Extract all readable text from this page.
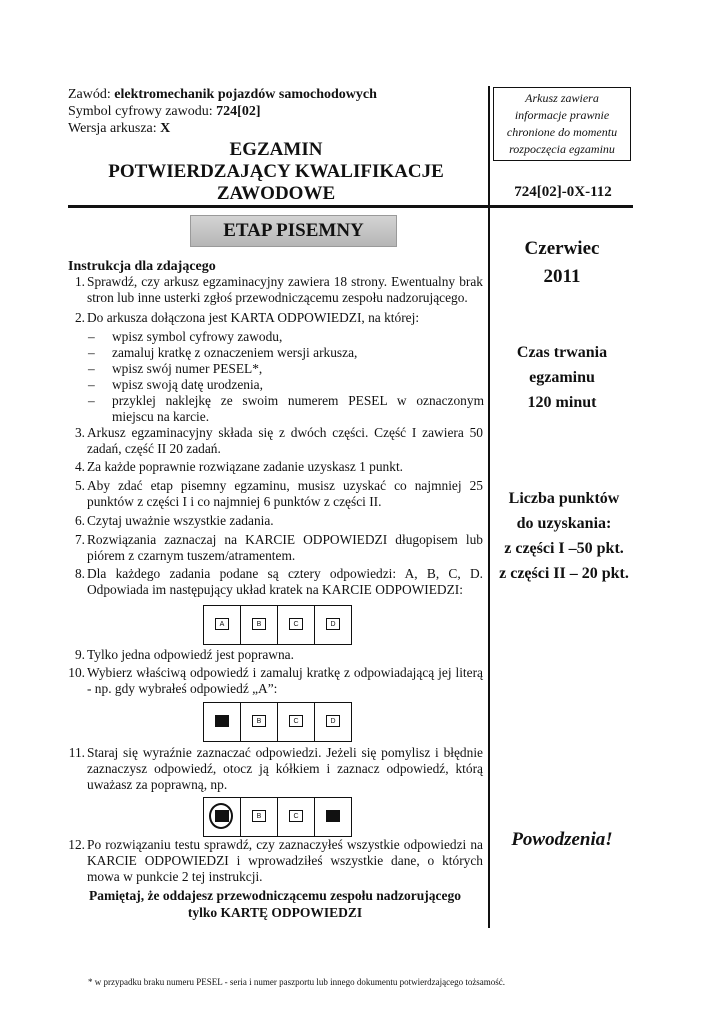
Zawód: elektromechanik pojazdów samochodowych
Symbol cyfrowy zawodu: 724[02]
Wersja arkusza: X
EGZAMIN
POTWIERDZAJĄCY KWALIFIKACJE
ZAWODOWE
Arkusz zawiera
informacje prawnie
chronione do momentu
rozpoczęcia egzaminu
724[02]-0X-112
ETAP PISEMNY
Czerwiec
2011
Czas trwania
egzaminu
120 minut
Liczba punktów
do uzyskania:
z części I –50 pkt.
z części II – 20 pkt.
Powodzenia!
Instrukcja dla zdającego
1. Sprawdź, czy arkusz egzaminacyjny zawiera 18 strony. Ewentualny brak stron lub inne usterki zgłoś przewodniczącemu zespołu nadzorującego.
2. Do arkusza dołączona jest KARTA ODPOWIEDZI, na której:
– wpisz symbol cyfrowy zawodu,
– zamaluj kratkę z oznaczeniem wersji arkusza,
– wpisz swój numer PESEL*,
– wpisz swoją datę urodzenia,
– przyklej naklejkę ze swoim numerem PESEL w oznaczonym miejscu na karcie.
3. Arkusz egzaminacyjny składa się z dwóch części. Część I zawiera 50 zadań, część II 20 zadań.
4. Za każde poprawnie rozwiązane zadanie uzyskasz 1 punkt.
5. Aby zdać etap pisemny egzaminu, musisz uzyskać co najmniej 25 punktów z części I i co najmniej 6 punktów z części II.
6. Czytaj uważnie wszystkie zadania.
7. Rozwiązania zaznaczaj na KARCIE ODPOWIEDZI długopisem lub piórem z czarnym tuszem/atramentem.
8. Dla każdego zadania podane są cztery odpowiedzi: A, B, C, D. Odpowiada im następujący układ kratek na KARCIE ODPOWIEDZI:
A	B	C	D
9. Tylko jedna odpowiedź jest poprawna.
10. Wybierz właściwą odpowiedź i zamaluj kratkę z odpowiadającą jej literą - np. gdy wybrałeś odpowiedź „A”:
B	C	D
11. Staraj się wyraźnie zaznaczać odpowiedzi. Jeżeli się pomylisz i błędnie zaznaczysz odpowiedź, otocz ją kółkiem i zaznacz odpowiedź, którą uważasz za poprawną, np.
B	C
12. Po rozwiązaniu testu sprawdź, czy zaznaczyłeś wszystkie odpowiedzi na KARCIE ODPOWIEDZI i wprowadziłeś wszystkie dane, o których mowa w punkcie 2 tej instrukcji.
Pamiętaj, że oddajesz przewodniczącemu zespołu nadzorującego
tylko KARTĘ ODPOWIEDZI
* w przypadku braku numeru PESEL - seria i numer paszportu lub innego dokumentu potwierdzającego tożsamość.
